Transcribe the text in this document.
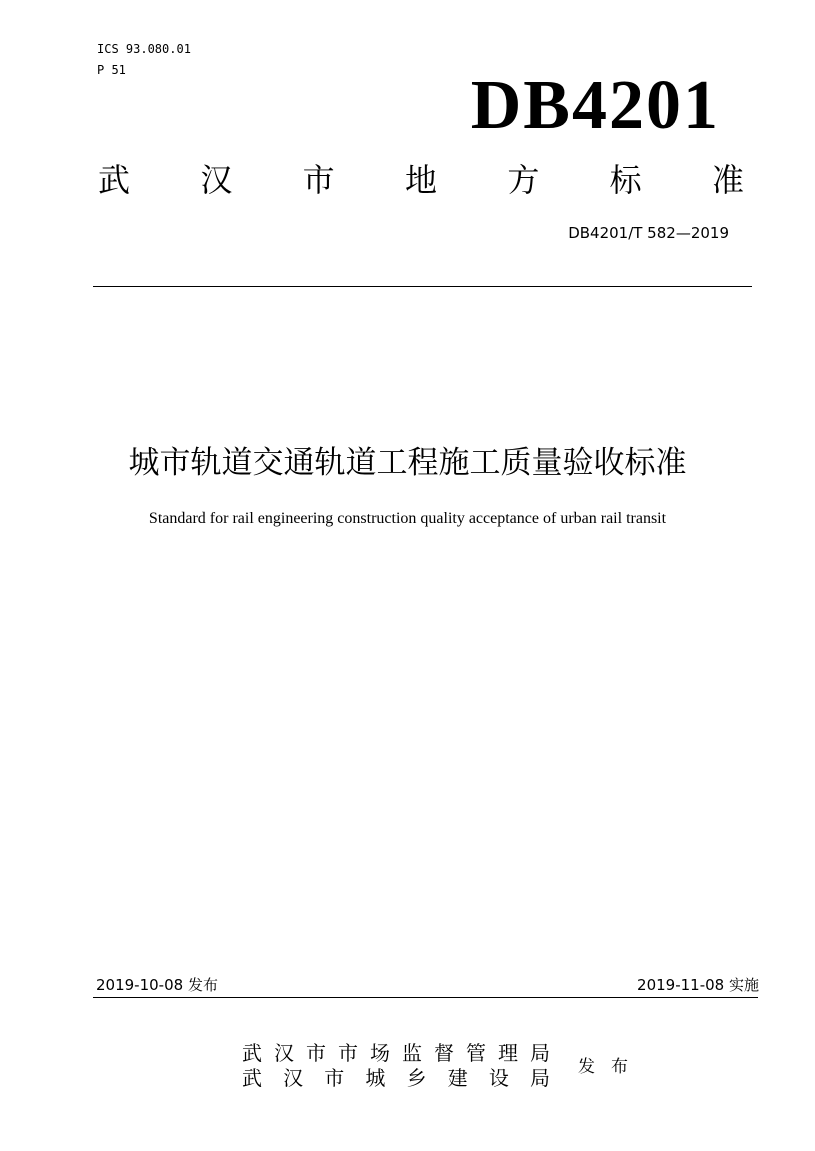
ICS 93.080.01
P 51	DB4201
武 汉 市 地 方 标 准
DB4201/T 582—2019
城市轨道交通轨道工程施工质量验收标准
Standard for rail engineering construction quality acceptance of urban rail transit
2019-10-08 发布	2019-11-08 实施
武 汉 市 市 场 监 督 管 理 局
武 汉 市 城 乡 建 设 局 发布
